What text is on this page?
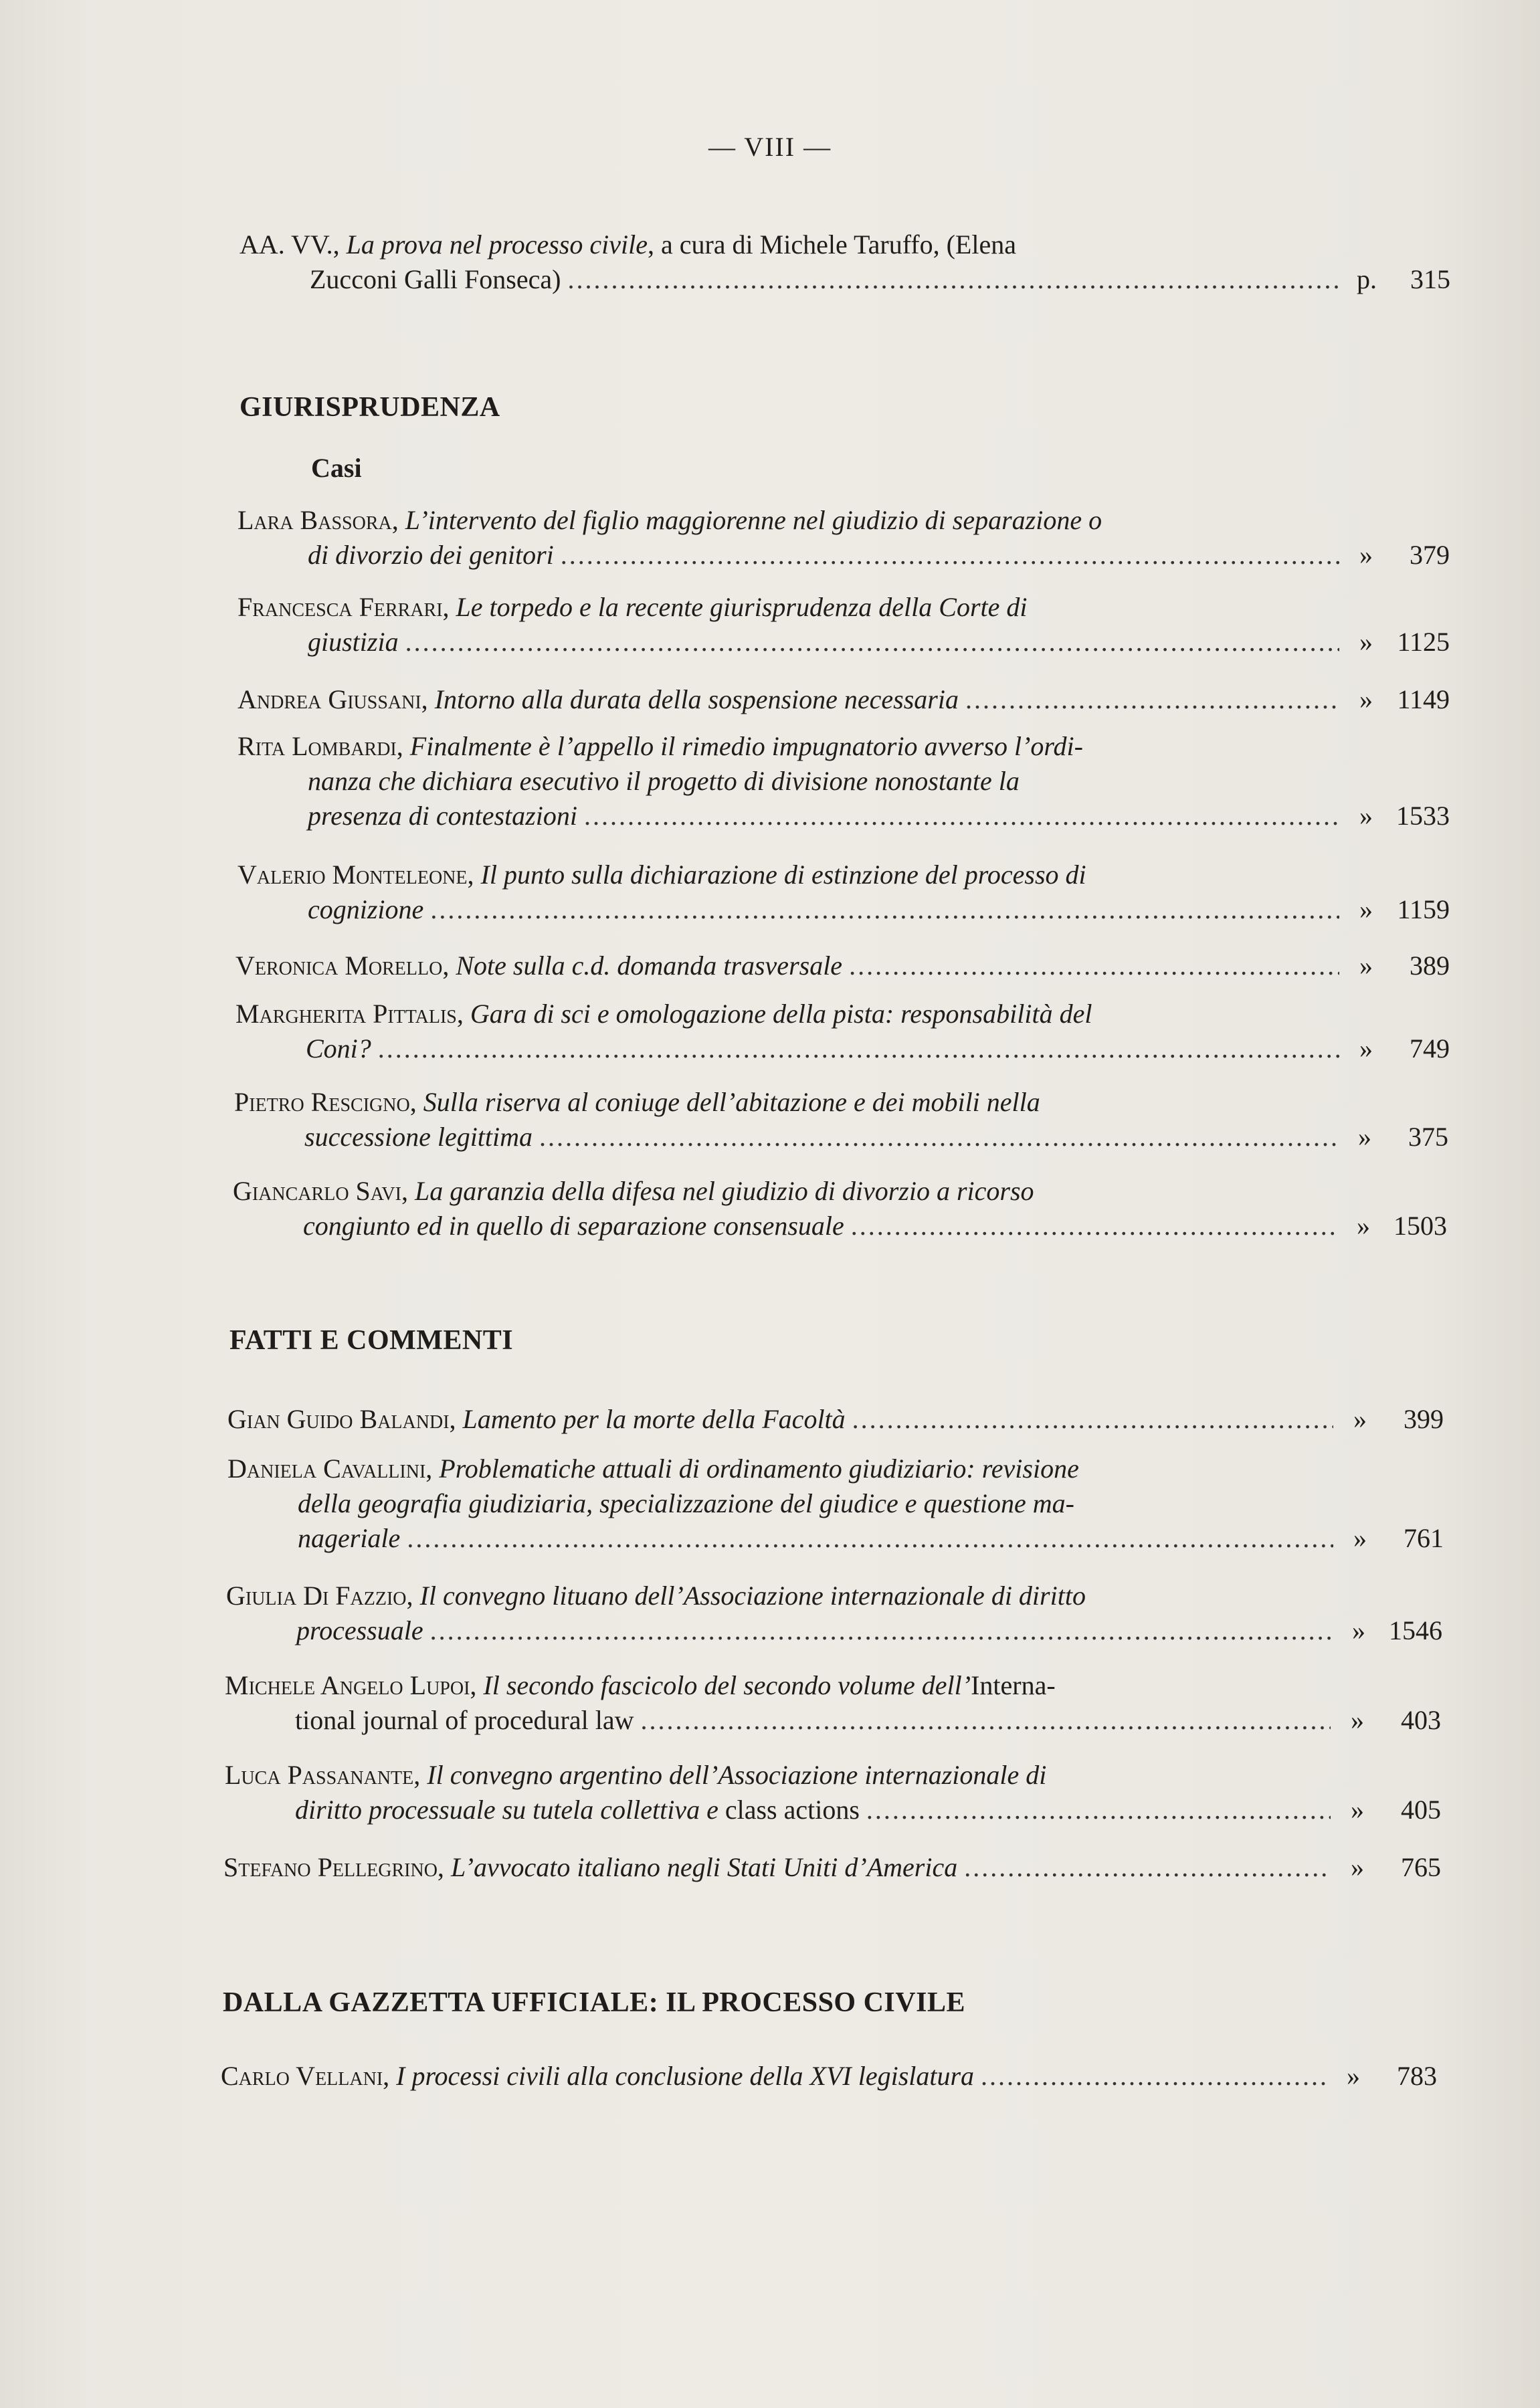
— VIII —
AA. VV.,
La prova nel processo civile , a cura di Michele Taruffo, (Elena
Zucconi Galli Fonseca) .....	p.	315
GIURISPRUDENZA
Casi
Lara Bassora,
L’intervento del figlio maggiorenne nel giudizio di separazione o
di divorzio dei genitori .....	»	379
Francesca Ferrari,
Le torpedo e la recente giurisprudenza della Corte di
giustizia .....	» 1125
Andrea Giussani,
Intorno alla durata della sospensione necessaria .....	» 1149
Rita Lombardi,
Finalmente è l’appello il rimedio impugnatorio avverso l’ordi-
nanza che dichiara esecutivo il progetto di divisione nonostante la
presenza di contestazioni .....	» 1533
Valerio Monteleone,
Il punto sulla dichiarazione di estinzione del processo di
cognizione .....	» 1159
Veronica Morello,
Note sulla c.d. domanda trasversale .....	»	389
Margherita Pittalis,
Gara di sci e omologazione della pista: responsabilità del
Coni? .....	»	749
Pietro Rescigno,
Sulla riserva al coniuge dell’abitazione e dei mobili nella
successione legittima .....	»	375
Giancarlo Savi,
La garanzia della difesa nel giudizio di divorzio a ricorso
congiunto ed in quello di separazione consensuale .....	» 1503
FATTI E COMMENTI
Gian Guido Balandi,
Lamento per la morte della Facoltà .....	»	399
Daniela Cavallini,
Problematiche attuali di ordinamento giudiziario: revisione
della geografia giudiziaria, specializzazione del giudice e questione ma-
nageriale .....	»	761
Giulia Di Fazzio,
Il convegno lituano dell’Associazione internazionale di diritto
processuale .....	» 1546
Michele Angelo Lupoi,
Il secondo fascicolo del secondo volume dell’ Interna-
tional journal of procedural law .....	»	403
Luca Passanante,
Il convegno argentino dell’Associazione internazionale di
diritto processuale su tutela collettiva e
class actions .....	»	405
Stefano Pellegrino,
L’avvocato italiano negli Stati Uniti d’America .....	»	765
DALLA GAZZETTA UFFICIALE: IL PROCESSO CIVILE
Carlo Vellani,
I processi civili alla conclusione della XVI legislatura .....	»	783
